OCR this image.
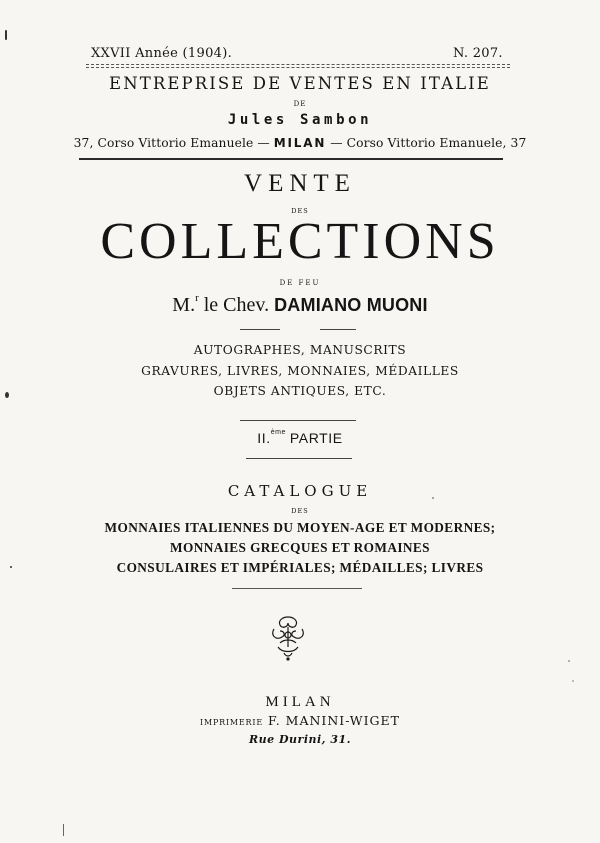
XXVII Année (1904).	N. 207.
ENTREPRISE DE VENTES EN ITALIE
DE
Jules Sambon
37, Corso Vittorio Emanuele — MILAN — Corso Vittorio Emanuele, 37
VENTE
DES
COLLECTIONS
DE FEU
M.$^r$ le Chev. DAMIANO MUONI
AUTOGRAPHES, MANUSCRITS
GRAVURES, LIVRES, MONNAIES, MÉDAILLES
OBJETS ANTIQUES, ETC.
II.$^{ème}$ PARTIE
CATALOGUE
DES
MONNAIES ITALIENNES DU MOYEN-AGE ET MODERNES;
MONNAIES GRECQUES ET ROMAINES
CONSULAIRES ET IMPÉRIALES; MÉDAILLES; LIVRES
MILAN
IMPRIMERIE F. MANINI-WIGET
Rue Durini, 31.
